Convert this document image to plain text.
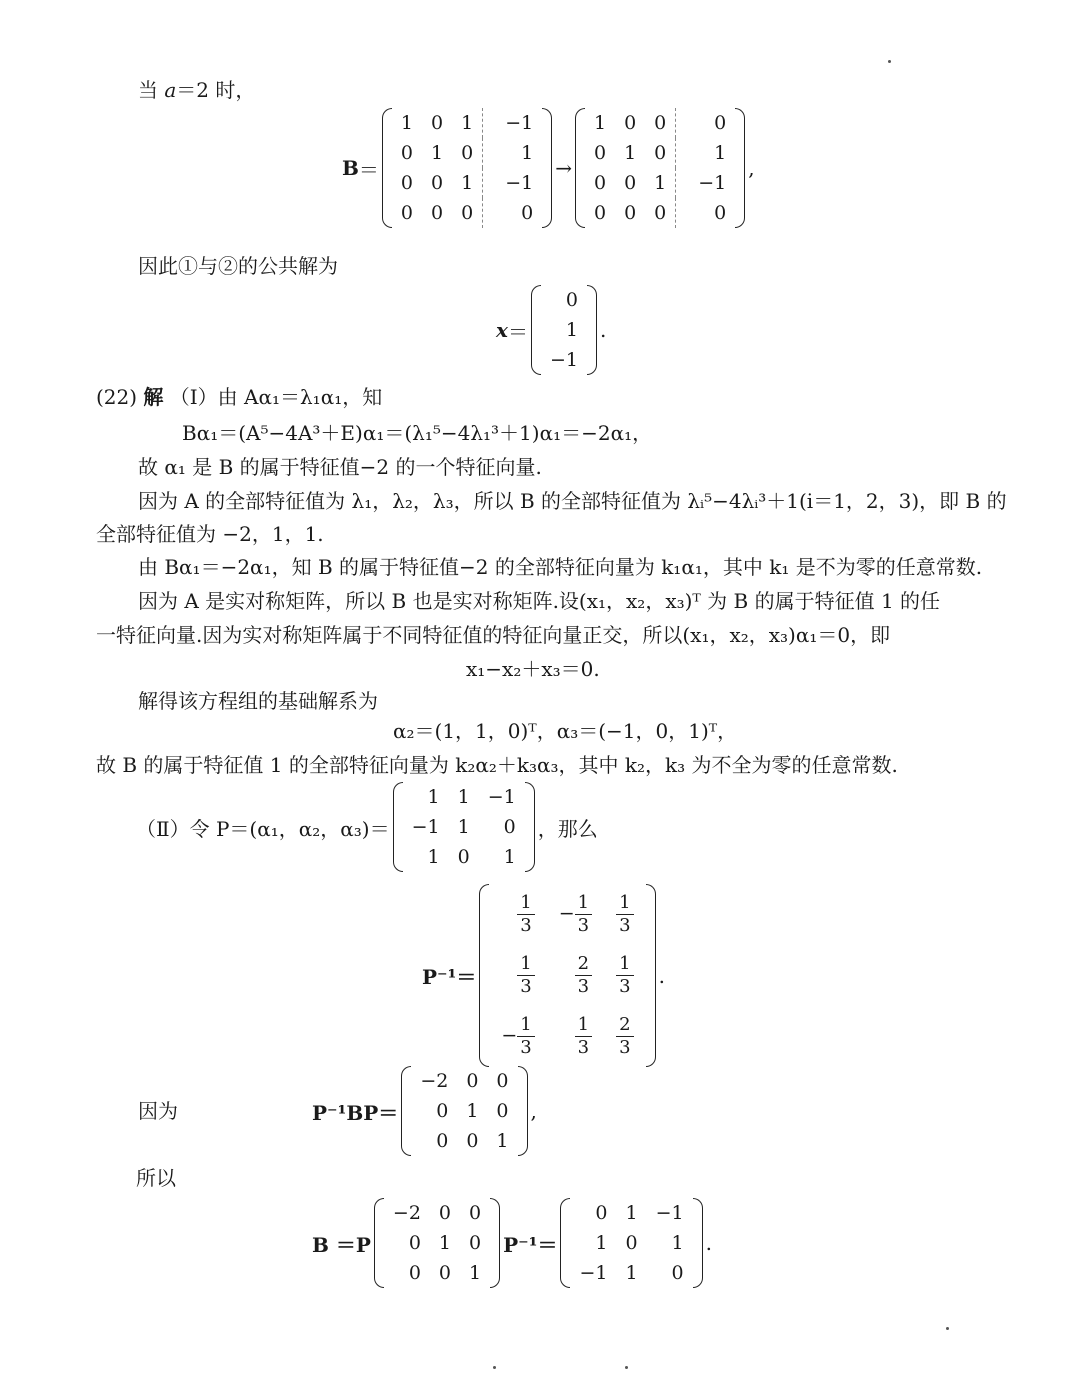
当 a＝2 时，
B ＝
1	0	1	−1
0	1	0	1
0	0	1	−1
0	0	0	0
→
1	0	0	0
0	1	0	1
0	0	1	−1
0	0	0	0
,
因此①与②的公共解为
x ＝
0
1
−1
.
(22) 解 （Ⅰ）由 Aα₁＝λ₁α₁，知
Bα₁＝(A⁵−4A³＋E)α₁＝(λ₁⁵−4λ₁³＋1)α₁＝−2α₁，
故 α₁ 是 B 的属于特征值−2 的一个特征向量.
因为 A 的全部特征值为 λ₁，λ₂，λ₃，所以 B 的全部特征值为 λᵢ⁵−4λᵢ³＋1(i＝1，2，3)，即 B 的
全部特征值为 −2，1，1.
由 Bα₁＝−2α₁，知 B 的属于特征值−2 的全部特征向量为 k₁α₁，其中 k₁ 是不为零的任意常数.
因为 A 是实对称矩阵，所以 B 也是实对称矩阵.设(x₁，x₂，x₃)ᵀ 为 B 的属于特征值 1 的任
一特征向量.因为实对称矩阵属于不同特征值的特征向量正交，所以(x₁，x₂，x₃)α₁＝0，即
x₁−x₂＋x₃＝0.
解得该方程组的基础解系为
α₂＝(1，1，0)ᵀ，α₃＝(−1，0，1)ᵀ，
故 B 的属于特征值 1 的全部特征向量为 k₂α₂＋k₃α₃，其中 k₂，k₃ 为不全为零的任意常数.
（Ⅱ）令 P＝(α₁，α₂，α₃)＝
1	1	−1
−1	1	0
1	0	1
，那么
P⁻¹＝
$\frac{1}{3}$	− $\frac{1}{3}$	$\frac{1}{3}$

$\frac{1}{3}$	$\frac{2}{3}$	$\frac{1}{3}$

− $\frac{1}{3}$	$\frac{1}{3}$	$\frac{2}{3}$
.
因为	P⁻¹BP＝
−2	0	0
0	1	0
0	0	1
,
所以
B ＝P
−2	0	0
0	1	0
0	0	1
P⁻¹＝
0	1	−1
1	0	1
−1	1	0
.
